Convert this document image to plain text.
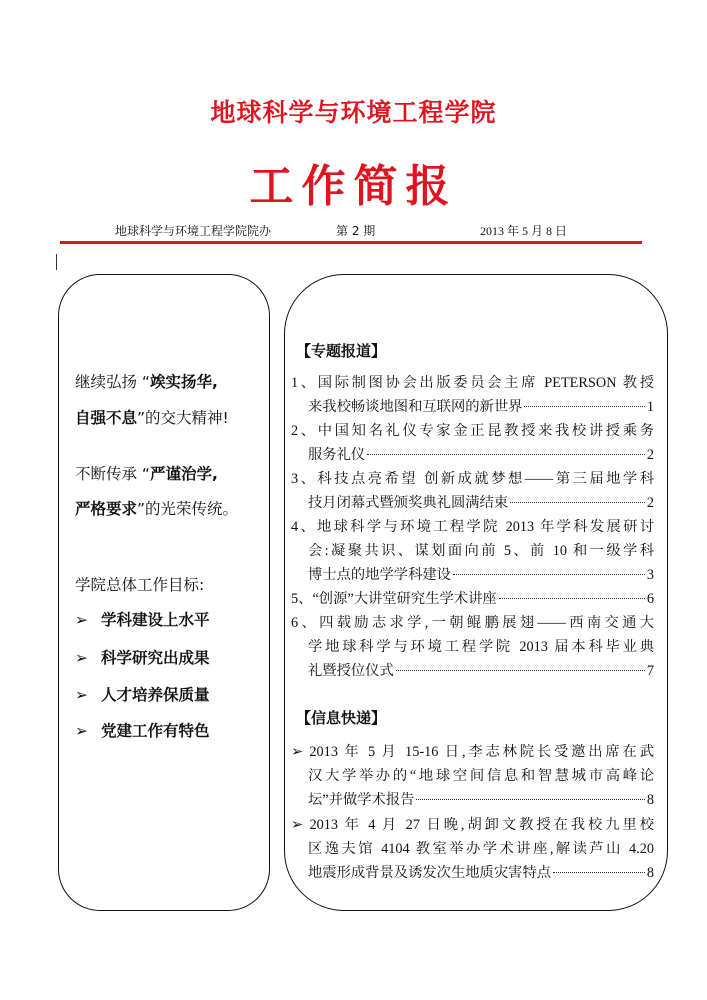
地球科学与环境工程学院
工作简报
地球科学与环境工程学院院办	第 2 期	2013 年 5 月 8 日
继续弘扬 “竢实扬华,
自强不息”的交大精神!
不断传承 “严谨治学,
严格要求”的光荣传统。
学院总体工作目标:
➢ 学科建设上水平
➢ 科学研究出成果
➢ 人才培养保质量
➢ 党建工作有特色
【专题报道】
1、国际制图协会出版委员会主席 PETERSON 教授
来我校畅谈地图和互联网的新世界	1
2、中国知名礼仪专家金正昆教授来我校讲授乘务
服务礼仪	2
3、科技点亮希望 创新成就梦想——第三届地学科
技月闭幕式暨颁奖典礼圆满结束	2
4、地球科学与环境工程学院 2013 年学科发展研讨
会:凝聚共识、谋划面向前 5、前 10 和一级学科
博士点的地学学科建设	3
5、“创源”大讲堂研究生学术讲座	6
6、四载励志求学,一朝鲲鹏展翅——西南交通大
学地球科学与环境工程学院 2013 届本科毕业典
礼暨授位仪式	7
【信息快递】
➢ 2013 年 5 月 15-16 日,李志林院长受邀出席在武
汉大学举办的“地球空间信息和智慧城市高峰论
坛”并做学术报告	8
➢ 2013 年 4 月 27 日晚,胡卸文教授在我校九里校
区逸夫馆 4104 教室举办学术讲座,解读芦山 4.20
地震形成背景及诱发次生地质灾害特点	8
